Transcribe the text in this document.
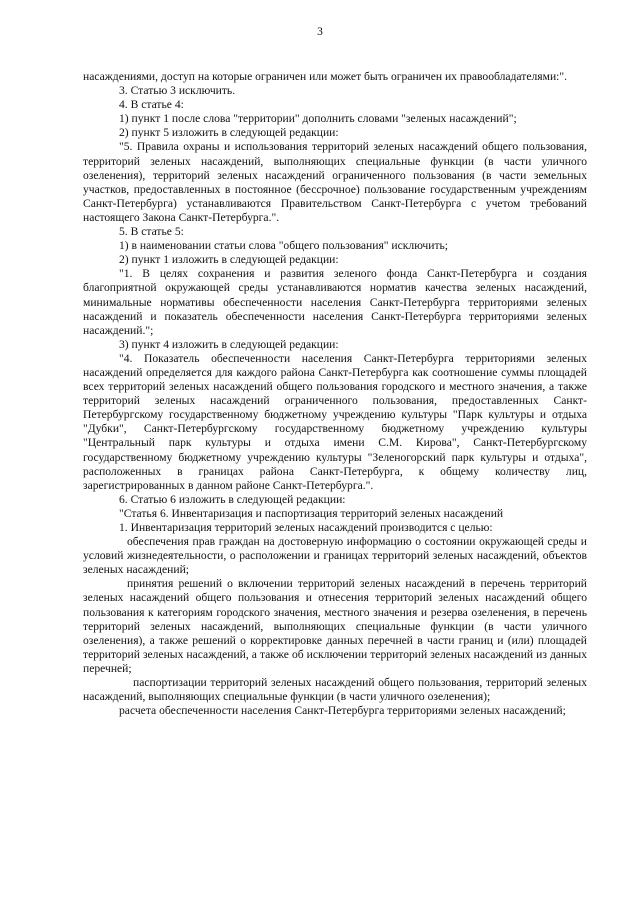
3

насаждениями, доступ на которые ограничен или может быть ограничен их правообладателями:".

3. Статью 3 исключить.

4. В статье 4:

1) пункт 1 после слова "территории" дополнить словами "зеленых насаждений";

2) пункт 5 изложить в следующей редакции:

"5. Правила охраны и использования территорий зеленых насаждений общего пользования, территорий зеленых насаждений, выполняющих специальные функции (в части уличного озеленения), территорий зеленых насаждений ограниченного пользования (в части земельных участков, предоставленных в постоянное (бессрочное) пользование государственным учреждениям Санкт-Петербурга) устанавливаются Правительством Санкт-Петербурга с учетом требований настоящего Закона Санкт-Петербурга.".

5. В статье 5:

1) в наименовании статьи слова "общего пользования" исключить;

2) пункт 1 изложить в следующей редакции:

"1. В целях сохранения и развития зеленого фонда Санкт-Петербурга и создания благоприятной окружающей среды устанавливаются норматив качества зеленых насаждений, минимальные нормативы обеспеченности населения Санкт-Петербурга территориями зеленых насаждений и показатель обеспеченности населения Санкт-Петербурга территориями зеленых насаждений.";

3) пункт 4 изложить в следующей редакции:

"4. Показатель обеспеченности населения Санкт-Петербурга территориями зеленых насаждений определяется для каждого района Санкт-Петербурга как соотношение суммы площадей всех территорий зеленых насаждений общего пользования городского и местного значения, а также территорий зеленых насаждений ограниченного пользования, предоставленных Санкт-Петербургскому государственному бюджетному учреждению культуры "Парк культуры и отдыха "Дубки", Санкт-Петербургскому государственному бюджетному учреждению культуры "Центральный парк культуры и отдыха имени С.М. Кирова", Санкт-Петербургскому государственному бюджетному учреждению культуры "Зеленогорский парк культуры и отдыха", расположенных в границах района Санкт-Петербурга, к общему количеству лиц, зарегистрированных в данном районе Санкт-Петербурга.".

6. Статью 6 изложить в следующей редакции:

"Статья 6. Инвентаризация и паспортизация территорий зеленых насаждений

1. Инвентаризация территорий зеленых насаждений производится с целью:

обеспечения прав граждан на достоверную информацию о состоянии окружающей среды и условий жизнедеятельности, о расположении и границах территорий зеленых насаждений, объектов зеленых насаждений;

принятия решений о включении территорий зеленых насаждений в перечень территорий зеленых насаждений общего пользования и отнесения территорий зеленых насаждений общего пользования к категориям городского значения, местного значения и резерва озеленения, в перечень территорий зеленых насаждений, выполняющих специальные функции (в части уличного озеленения), а также решений о корректировке данных перечней в части границ и (или) площадей территорий зеленых насаждений, а также об исключении территорий зеленых насаждений из данных перечней;

паспортизации территорий зеленых насаждений общего пользования, территорий зеленых насаждений, выполняющих специальные функции (в части уличного озеленения);

расчета обеспеченности населения Санкт-Петербурга территориями зеленых насаждений;
